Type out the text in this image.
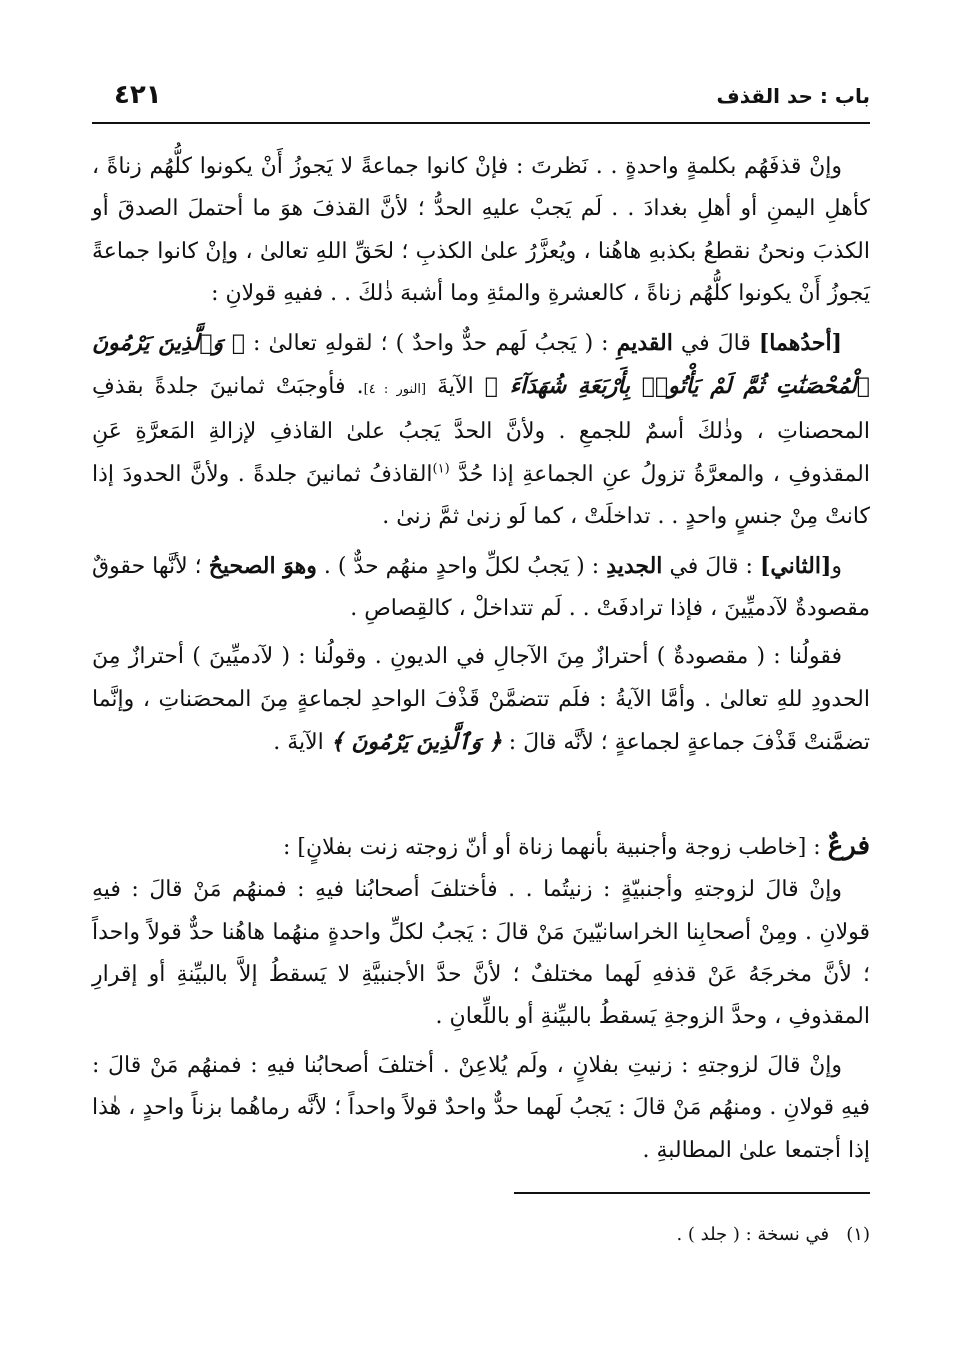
باب : حد القذف
٤٢١

وإنْ قذفَهُم بكلمةٍ واحدةٍ . . نَظرتَ : فإنْ كانوا جماعةً لا يَجوزُ أَنْ يكونوا كلُّهُم زناةً ، كأهلِ اليمنِ أو أهلِ بغدادَ . . لَم يَجبْ عليهِ الحدُّ ؛ لأنَّ القذفَ هوَ ما أحتملَ الصدقَ أو الكذبَ ونحنُ نقطعُ بكذبهِ هاهُنا ، ويُعزَّرُ علىٰ الكذبِ ؛ لحَقِّ اللهِ تعالىٰ ، وإنْ كانوا جماعةً يَجوزُ أَنْ يكونوا كلُّهُم زناةً ، كالعشرةِ والمئةِ وما أشبهَ ذٰلكَ . . ففيهِ قولانِ :

[أحدُهما] قالَ في القديمِ : ( يَجبُ لَهم حدٌّ واحدٌ ) ؛ لقولهِ تعالىٰ : ﴿ وَٱلَّذِينَ يَرْمُونَ ٱلْمُحْصَنَٰتِ ثُمَّ لَمْ يَأْتُوا۟ بِأَرْبَعَةِ شُهَدَآءَ ﴾ الآيةَ [النور : ٤]. فأوجبَتْ ثمانينَ جلدةً بقذفِ المحصناتِ ، وذٰلكَ أسمٌ للجمعِ . ولأنَّ الحدَّ يَجبُ علىٰ القاذفِ لإزالةِ المَعرَّةِ عَنِ المقذوفِ ، والمعرَّةُ تزولُ عنِ الجماعةِ إذا حُدَّ $^{(١)}$القاذفُ ثمانينَ جلدةً . ولأنَّ الحدودَ إذا كانتْ مِنْ جنسٍ واحدٍ . . تداخلَتْ ، كما لَو زنىٰ ثمَّ زنىٰ .

و[الثاني] : قالَ في الجديدِ : ( يَجبُ لكلِّ واحدٍ منهُم حدٌّ ) . وهوَ الصحيحُ ؛ لأنَّها حقوقٌ مقصودةٌ لآدميِّينَ ، فإذا ترادفَتْ . . لَم تتداخلْ ، كالقِصاصِ .

فقولُنا : ( مقصودةٌ ) أحترازٌ مِنَ الآجالِ في الديونِ . وقولُنا : ( لآدميِّينَ ) أحترازٌ مِنَ الحدودِ للهِ تعالىٰ . وأمَّا الآيةُ : فلَم تتضمَّنْ قَذْفَ الواحدِ لجماعةٍ مِنَ المحصَناتِ ، وإنَّما تضمَّنتْ قَذْفَ جماعةٍ لجماعةٍ ؛ لأنَّه قالَ : ﴿ وَٱلَّذِينَ يَرْمُونَ ﴾ الآيةَ .

فرعٌ : [خاطب زوجة وأجنبية بأنهما زناة أو أنّ زوجته زنت بفلانٍ] :

وإنْ قالَ لزوجتهِ وأجنبيّةٍ : زنيتُما . . فأختلفَ أصحابُنا فيهِ : فمنهُم مَنْ قالَ : فيهِ قولانِ . ومِنْ أصحابِنا الخراسانيّينَ مَنْ قالَ : يَجبُ لكلِّ واحدةٍ منهُما هاهُنا حدٌّ قولاً واحداً ؛ لأنَّ مخرجَهُ عَنْ قذفهِ لَهما مختلفٌ ؛ لأنَّ حدَّ الأجنبيَّةِ لا يَسقطُ إلاَّ بالبيِّنةِ أو إقرارِ المقذوفِ ، وحدَّ الزوجةِ يَسقطُ بالبيِّنةِ أو باللِّعانِ .

وإنْ قالَ لزوجتهِ : زنيتِ بفلانٍ ، ولَم يُلاعِنْ . أختلفَ أصحابُنا فيهِ : فمنهُم مَنْ قالَ : فيهِ قولانِ . ومنهُم مَنْ قالَ : يَجبُ لَهما حدٌّ واحدٌ قولاً واحداً ؛ لأنَّه رماهُما بزناً واحدٍ ، هٰذا إذا أجتمعا علىٰ المطالبةِ .

(١)   في نسخة : ( جلد ) .
